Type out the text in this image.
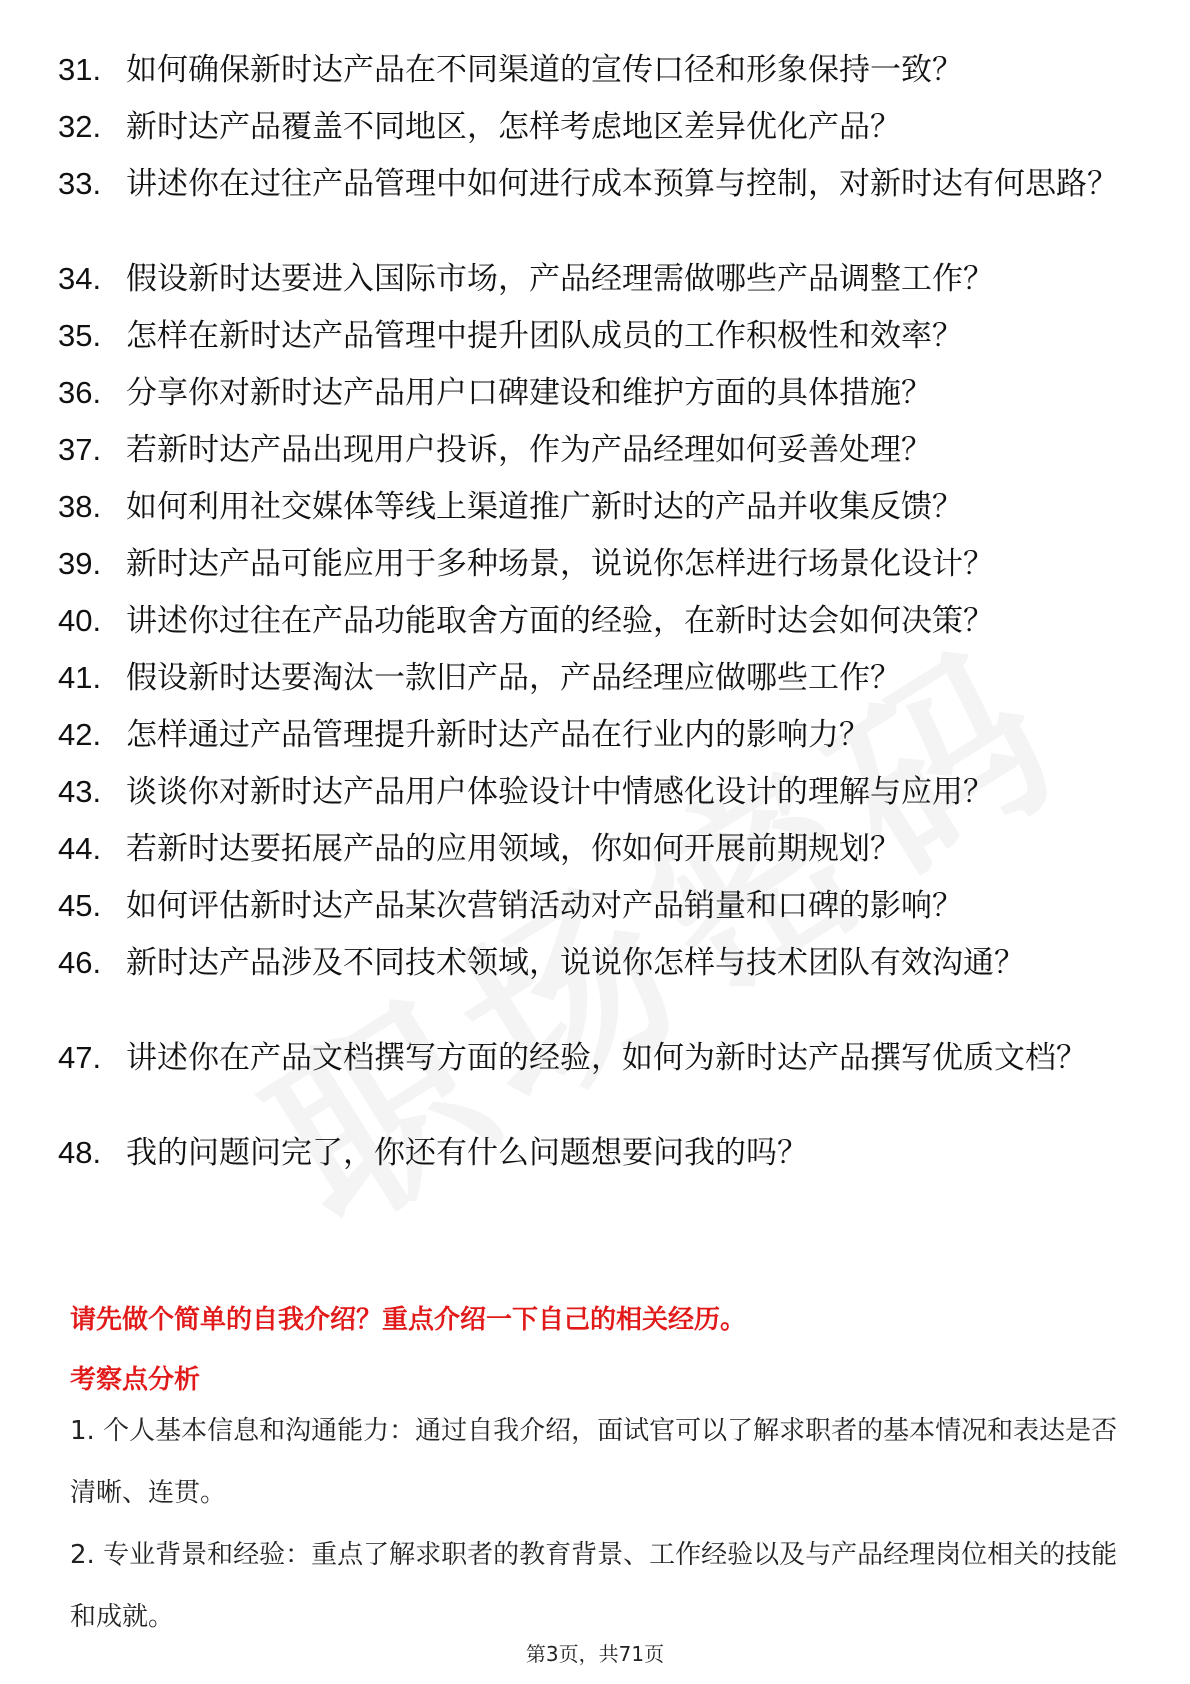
31. 如何确保新时达产品在不同渠道的宣传口径和形象保持一致？
32. 新时达产品覆盖不同地区，怎样考虑地区差异优化产品？
33. 讲述你在过往产品管理中如何进行成本预算与控制，对新时达有何思路？
34. 假设新时达要进入国际市场，产品经理需做哪些产品调整工作？
35. 怎样在新时达产品管理中提升团队成员的工作积极性和效率？
36. 分享你对新时达产品用户口碑建设和维护方面的具体措施？
37. 若新时达产品出现用户投诉，作为产品经理如何妥善处理？
38. 如何利用社交媒体等线上渠道推广新时达的产品并收集反馈？
39. 新时达产品可能应用于多种场景，说说你怎样进行场景化设计？
40. 讲述你过往在产品功能取舍方面的经验，在新时达会如何决策？
41. 假设新时达要淘汰一款旧产品，产品经理应做哪些工作？
42. 怎样通过产品管理提升新时达产品在行业内的影响力？
43. 谈谈你对新时达产品用户体验设计中情感化设计的理解与应用？
44. 若新时达要拓展产品的应用领域，你如何开展前期规划？
45. 如何评估新时达产品某次营销活动对产品销量和口碑的影响？
46. 新时达产品涉及不同技术领域，说说你怎样与技术团队有效沟通？
47. 讲述你在产品文档撰写方面的经验，如何为新时达产品撰写优质文档？
48. 我的问题问完了，你还有什么问题想要问我的吗？
请先做个简单的自我介绍？重点介绍一下自己的相关经历。
考察点分析
1. 个人基本信息和沟通能力：通过自我介绍，面试官可以了解求职者的基本情况和表达是否清晰、连贯。
2. 专业背景和经验：重点了解求职者的教育背景、工作经验以及与产品经理岗位相关的技能和成就。
第3页，共71页
